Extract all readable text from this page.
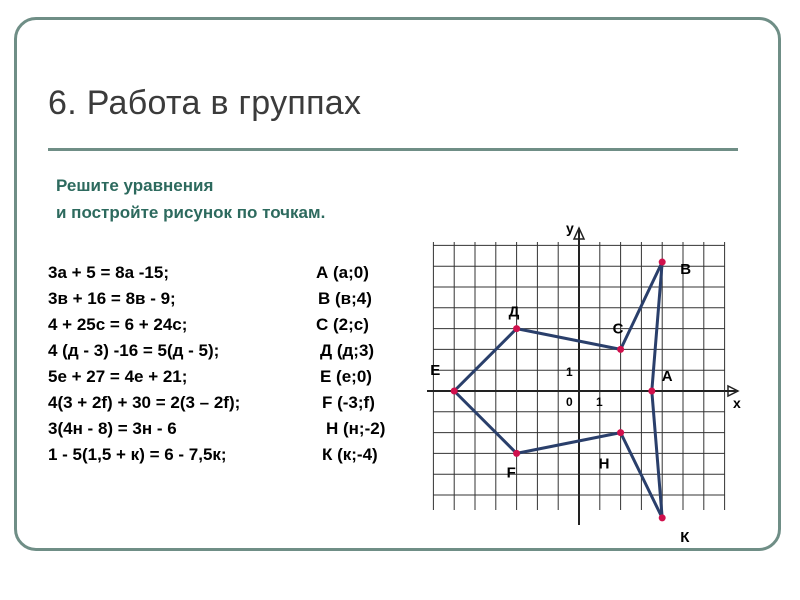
6. Работа в группах
Решите уравнения
и постройте рисунок по точкам.
3а + 5 = 8а -15;	А (а;0)
3в + 16 = 8в - 9;	В (в;4)
4 + 25с = 6 + 24с;	С (2;с)
4 (д - 3) -16 = 5(д - 5);	Д (д;3)
5е + 27 = 4е + 21;	Е (е;0)
4(3 + 2f) + 30 = 2(3 – 2f);	F (-3;f)
3(4н - 8) = 3н - 6	Н (н;-2)
1 - 5(1,5 + к) = 6 - 7,5к;	К (к;-4)
х
у
0 1
1
В
Д
С
Е	А
Н
F
К
